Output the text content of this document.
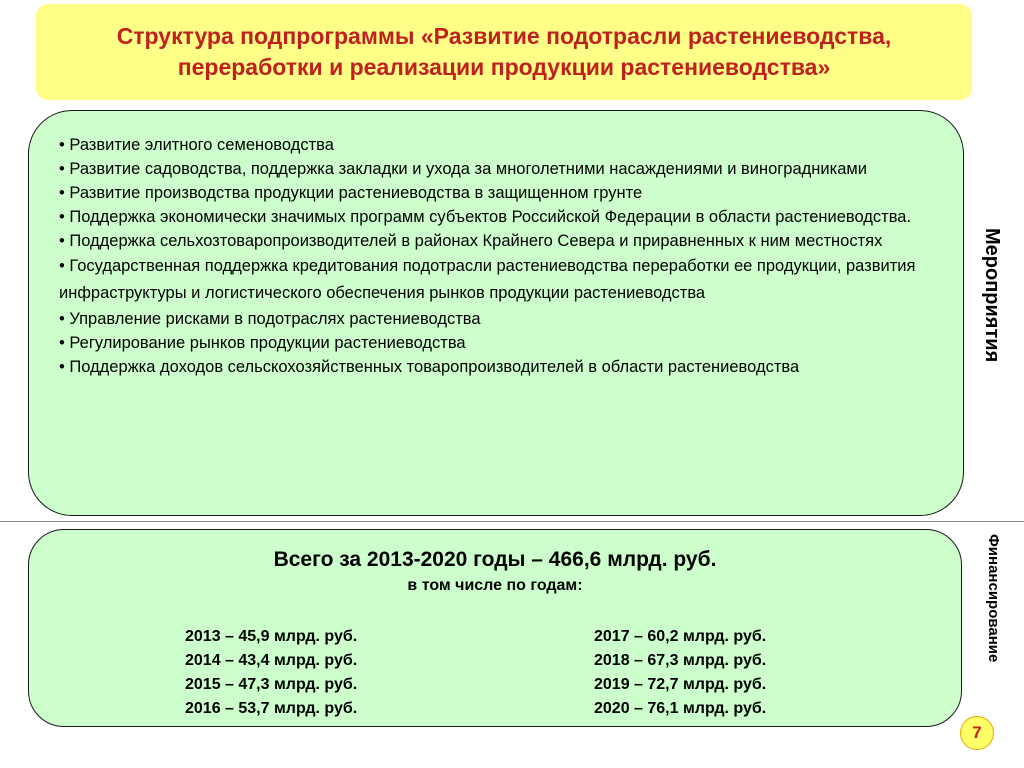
Структура подпрограммы «Развитие подотрасли растениеводства, переработки и реализации продукции растениеводства»
• Развитие элитного семеноводства
• Развитие садоводства, поддержка закладки и ухода за многолетними насаждениями и виноградниками
• Развитие производства продукции растениеводства в защищенном грунте
• Поддержка экономически значимых программ субъектов Российской Федерации в области растениеводства.
• Поддержка сельхозтоваропроизводителей в районах Крайнего Севера и приравненных к ним местностях
• Государственная поддержка кредитования подотрасли растениеводства переработки ее продукции, развития инфраструктуры и логистического обеспечения рынков продукции растениеводства
• Управление рисками в подотраслях растениеводства
• Регулирование рынков продукции растениеводства
• Поддержка доходов сельскохозяйственных товаропроизводителей в области растениеводства
Мероприятия

Всего за 2013-2020 годы – 466,6 млрд. руб.

в том числе по годам:

2013 – 45,9 млрд. руб.
2014 – 43,4 млрд. руб.
2015 – 47,3 млрд. руб.
2016 – 53,7 млрд. руб.
2017 – 60,2 млрд. руб.
2018 – 67,3 млрд. руб.
2019 – 72,7 млрд. руб.
2020 – 76,1 млрд. руб.
Финансирование
7
